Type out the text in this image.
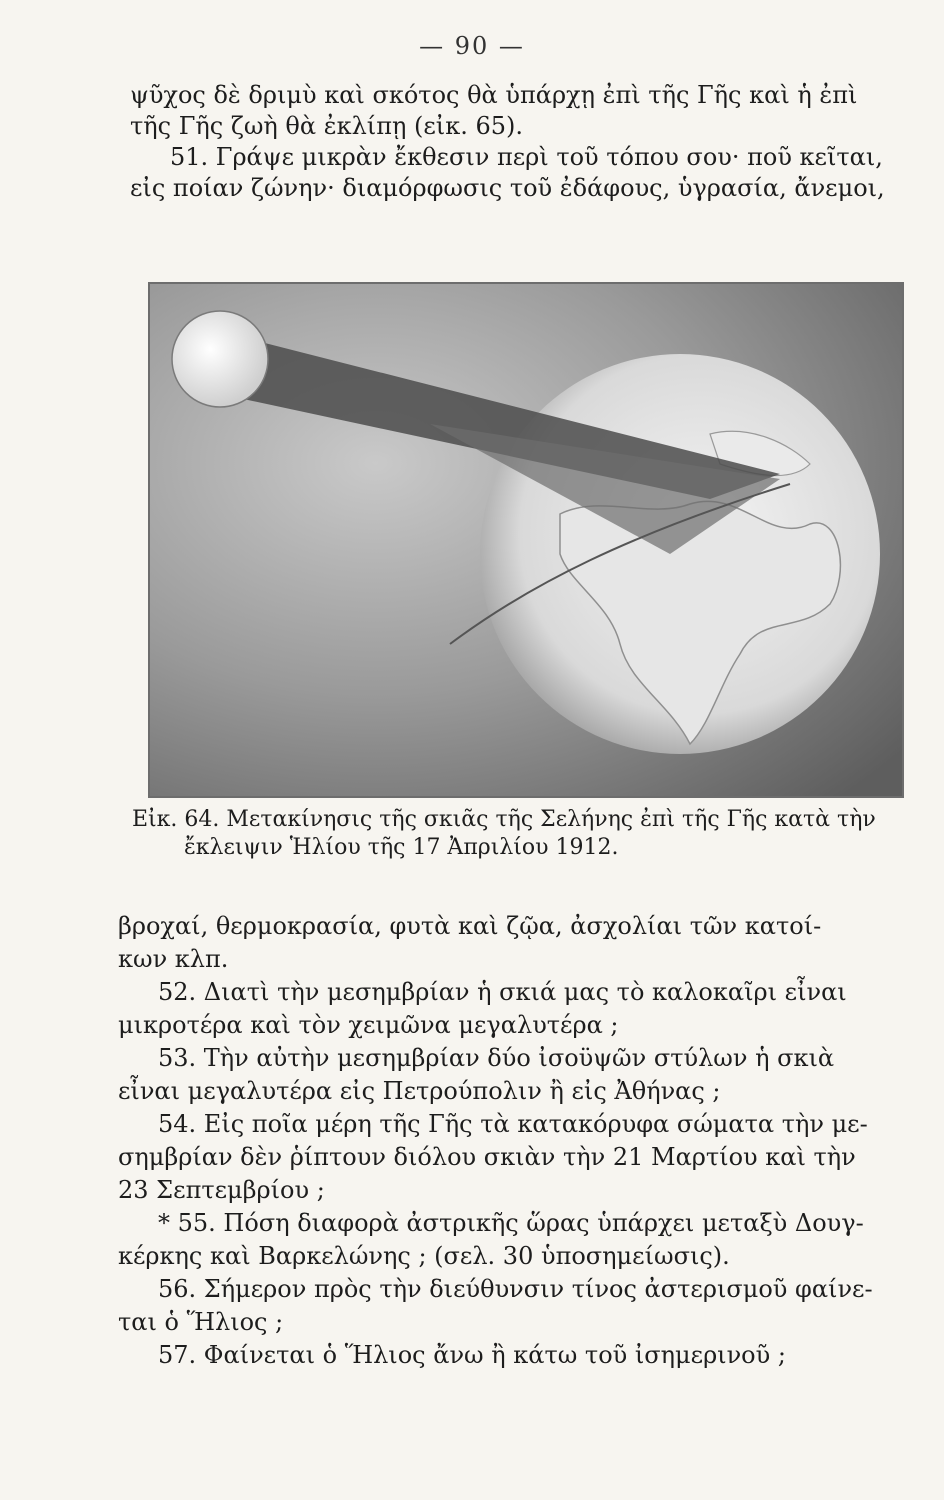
— 90 —
ψῦχος δὲ δριμὺ καὶ σκότος θὰ ὑπάρχῃ ἐπὶ τῆς Γῆς καὶ ἡ ἐπὶ
τῆς Γῆς ζωὴ θὰ ἐκλίπῃ (εἰκ. 65).
51. Γράψε μικρὰν ἔκθεσιν περὶ τοῦ τόπου σου· ποῦ κεῖται,
εἰς ποίαν ζώνην· διαμόρφωσις τοῦ ἐδάφους, ὑγρασία, ἄνεμοι,
Εἰκ. 64. Μετακίνησις τῆς σκιᾶς τῆς Σελήνης ἐπὶ τῆς Γῆς κατὰ τὴν
ἔκλειψιν Ἡλίου τῆς 17 Ἀπριλίου 1912.
βροχαί, θερμοκρασία, φυτὰ καὶ ζῷα, ἀσχολίαι τῶν κατοί-
κων κλπ.
52. Διατὶ τὴν μεσημβρίαν ἡ σκιά μας τὸ καλοκαῖρι εἶναι
μικροτέρα καὶ τὸν χειμῶνα μεγαλυτέρα ;
53. Τὴν αὐτὴν μεσημβρίαν δύο ἰσοϋψῶν στύλων ἡ σκιὰ
εἶναι μεγαλυτέρα εἰς Πετρούπολιν ἢ εἰς Ἀθήνας ;
54. Εἰς ποῖα μέρη τῆς Γῆς τὰ κατακόρυφα σώματα τὴν με-
σημβρίαν δὲν ῥίπτουν διόλου σκιὰν τὴν 21 Μαρτίου καὶ τὴν
23 Σεπτεμβρίου ;
* 55. Πόση διαφορὰ ἀστρικῆς ὥρας ὑπάρχει μεταξὺ Δουγ-
κέρκης καὶ Βαρκελώνης ; (σελ. 30 ὑποσημείωσις).
56. Σήμερον πρὸς τὴν διεύθυνσιν τίνος ἀστερισμοῦ φαίνε-
ται ὁ Ἥλιος ;
57. Φαίνεται ὁ Ἥλιος ἄνω ἢ κάτω τοῦ ἰσημερινοῦ ;
